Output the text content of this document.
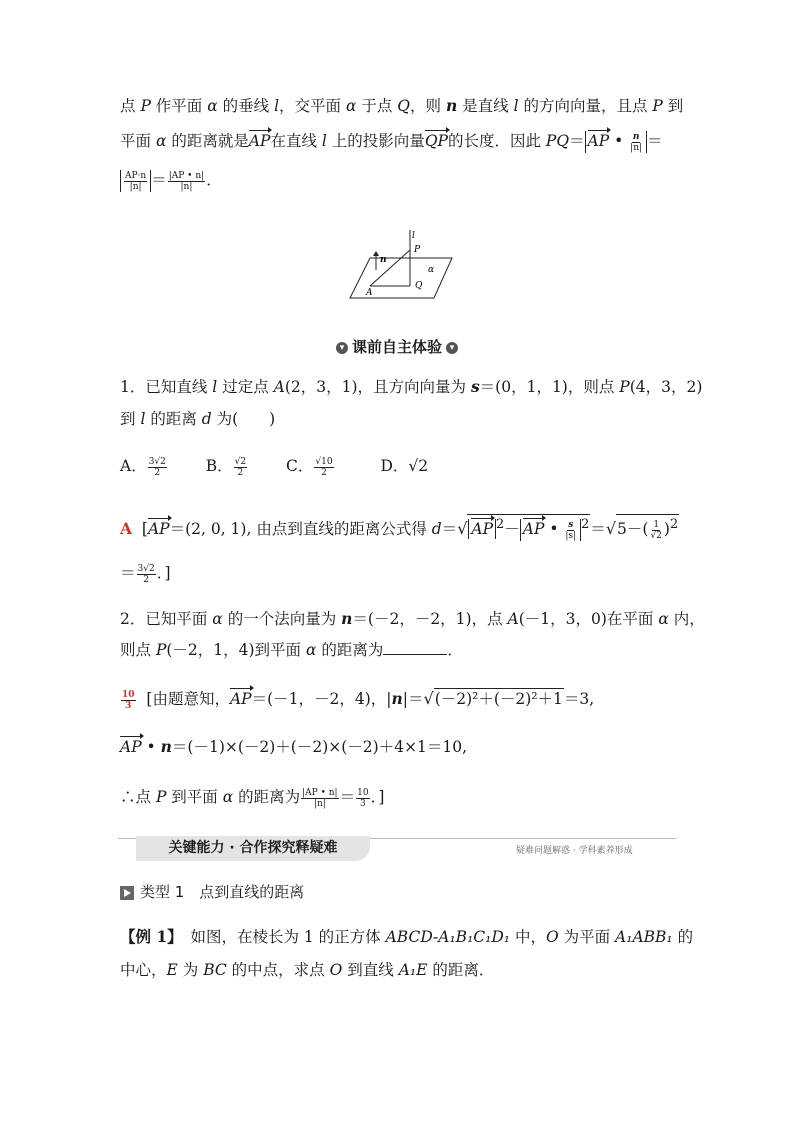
点 P 作平面 α 的垂线 l，交平面 α 于点 Q，则 n 是直线 l 的方向向量，且点 P 到
平面 α 的距离就是AP在直线 l 上的投影向量QP的长度．因此 PQ＝ AP • $\frac{n}{|n|}$ ＝
$\frac{AP\cdot n}{|n|} = \frac{|AP • n|}{|n|}$ ．
l
P
n
α
A
Q
▾ 课前自主体验 ▾
1．已知直线 l 过定点 A(2，3，1)，且方向向量为 s＝(0，1，1)，则点 P(4，3，2)
到 l 的距离 d 为(　　)
A． $\frac{3√2}{2}$	B． $\frac{√2}{2}$	C． $\frac{√10}{2}$	D．√2
A [AP＝(2, 0, 1), 由点到直线的距离公式得 d＝√ AP $^2$－ AP • $\frac{s}{|s|} ^2=√5-( \frac{1}{√2} )^2$
＝ $\frac{3√2}{2}$ ．]
2．已知平面 α 的一个法向量为 n＝(－2，－2，1)，点 A(－1，3，0)在平面 α 内，
则点 P(－2，1，4)到平面 α 的距离为	．
$\frac{10}{3}$ [由题意知，AP＝(－1，－2，4)，|n|＝√(－2)²＋(－2)²＋1＝3,
AP • n＝(－1)×(－2)＋(－2)×(－2)＋4×1＝10,
∴点 P 到平面 α 的距离为 $\frac{|AP • n|}{|n|} = \frac{10}{3}$ ．]
关键能力 · 合作探究释疑难	疑难问题解惑 · 学科素养形成
类型 1　点到直线的距离
【例 1】　如图，在棱长为 1 的正方体 ABCD-A₁B₁C₁D₁ 中，O 为平面 A₁ABB₁ 的
中心，E 为 BC 的中点，求点 O 到直线 A₁E 的距离．
